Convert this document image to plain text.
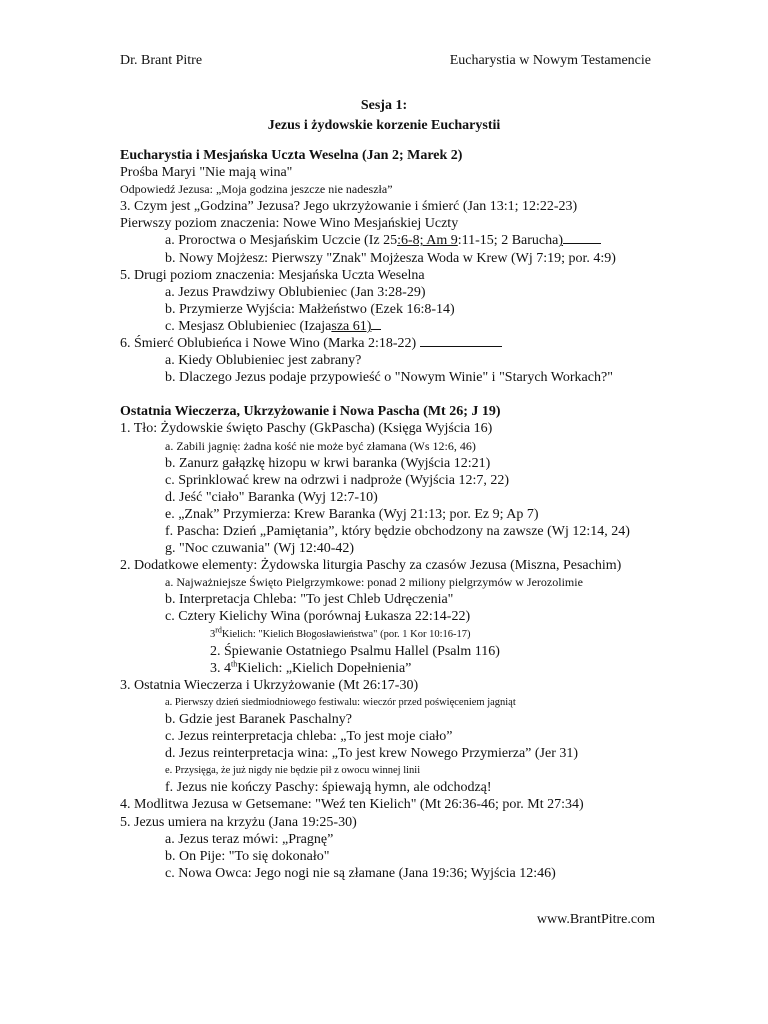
Dr. Brant Pitre	Eucharystia w Nowym Testamencie
Sesja 1:
Jezus i żydowskie korzenie Eucharystii
Eucharystia i Mesjańska Uczta Weselna (Jan 2; Marek 2)
Prośba Maryi "Nie mają wina"
Odpowiedź Jezusa: „Moja godzina jeszcze nie nadeszła”
3. Czym jest „Godzina” Jezusa? Jego ukrzyżowanie i śmierć (Jan 13:1; 12:22-23)
Pierwszy poziom znaczenia: Nowe Wino Mesjańskiej Uczty
a. Proroctwa o Mesjańskim Uczcie (Iz 25:6-8; Am 9:11-15; 2 Barucha)
b. Nowy Mojżesz: Pierwszy "Znak" Mojżesza Woda w Krew (Wj 7:19; por. 4:9)
5. Drugi poziom znaczenia: Mesjańska Uczta Weselna
a. Jezus Prawdziwy Oblubieniec (Jan 3:28-29)
b. Przymierze Wyjścia: Małżeństwo (Ezek 16:8-14)
c. Mesjasz Oblubieniec (Izajasza 61)
6. Śmierć Oblubieńca i Nowe Wino (Marka 2:18-22)
a. Kiedy Oblubieniec jest zabrany?
b. Dlaczego Jezus podaje przypowieść o "Nowym Winie" i "Starych Workach?"
Ostatnia Wieczerza, Ukrzyżowanie i Nowa Pascha (Mt 26; J 19)
1. Tło: Żydowskie święto Paschy (GkPascha) (Księga Wyjścia 16)
a. Zabili jagnię: żadna kość nie może być złamana (Ws 12:6, 46)
b. Zanurz gałązkę hizopu w krwi baranka (Wyjścia 12:21)
c. Sprinklować krew na odrzwi i nadproże (Wyjścia 12:7, 22)
d. Jeść "ciało" Baranka (Wyj 12:7-10)
e. „Znak” Przymierza: Krew Baranka (Wyj 21:13; por. Ez 9; Ap 7)
f. Pascha: Dzień „Pamiętania”, który będzie obchodzony na zawsze (Wj 12:14, 24)
g. "Noc czuwania" (Wj 12:40-42)
2. Dodatkowe elementy: Żydowska liturgia Paschy za czasów Jezusa (Miszna, Pesachim)
a. Najważniejsze Święto Pielgrzymkowe: ponad 2 miliony pielgrzymów w Jerozolimie
b. Interpretacja Chleba: "To jest Chleb Udręczenia"
c. Cztery Kielichy Wina (porównaj Łukasza 22:14-22)
3rdKielich: "Kielich Błogosławieństwa" (por. 1 Kor 10:16-17)
2. Śpiewanie Ostatniego Psalmu Hallel (Psalm 116)
3. 4thKielich: „Kielich Dopełnienia”
3. Ostatnia Wieczerza i Ukrzyżowanie (Mt 26:17-30)
a. Pierwszy dzień siedmiodniowego festiwalu: wieczór przed poświęceniem jagniąt
b. Gdzie jest Baranek Paschalny?
c. Jezus reinterpretacja chleba: „To jest moje ciało”
d. Jezus reinterpretacja wina: „To jest krew Nowego Przymierza” (Jer 31)
e. Przysięga, że już nigdy nie będzie pił z owocu winnej linii
f. Jezus nie kończy Paschy: śpiewają hymn, ale odchodzą!
4. Modlitwa Jezusa w Getsemane: "Weź ten Kielich" (Mt 26:36-46; por. Mt 27:34)
5. Jezus umiera na krzyżu (Jana 19:25-30)
a. Jezus teraz mówi: „Pragnę”
b. On Pije: "To się dokonało"
c. Nowa Owca: Jego nogi nie są złamane (Jana 19:36; Wyjścia 12:46)
www.BrantPitre.com
